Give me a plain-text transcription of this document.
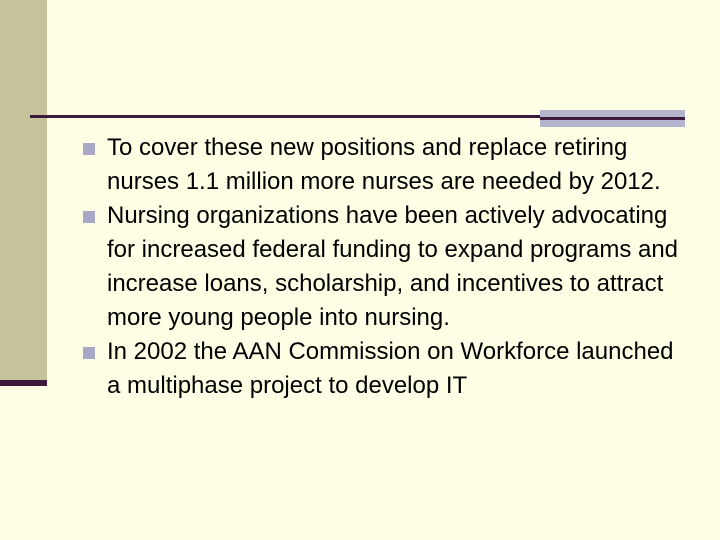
To cover these new positions and replace retiring nurses 1.1 million more nurses are needed by 2012.
Nursing organizations have been actively advocating for increased federal funding to expand programs and increase loans, scholarship, and incentives to attract more young people into nursing.
In 2002 the AAN Commission on Workforce launched a multiphase project to develop IT
